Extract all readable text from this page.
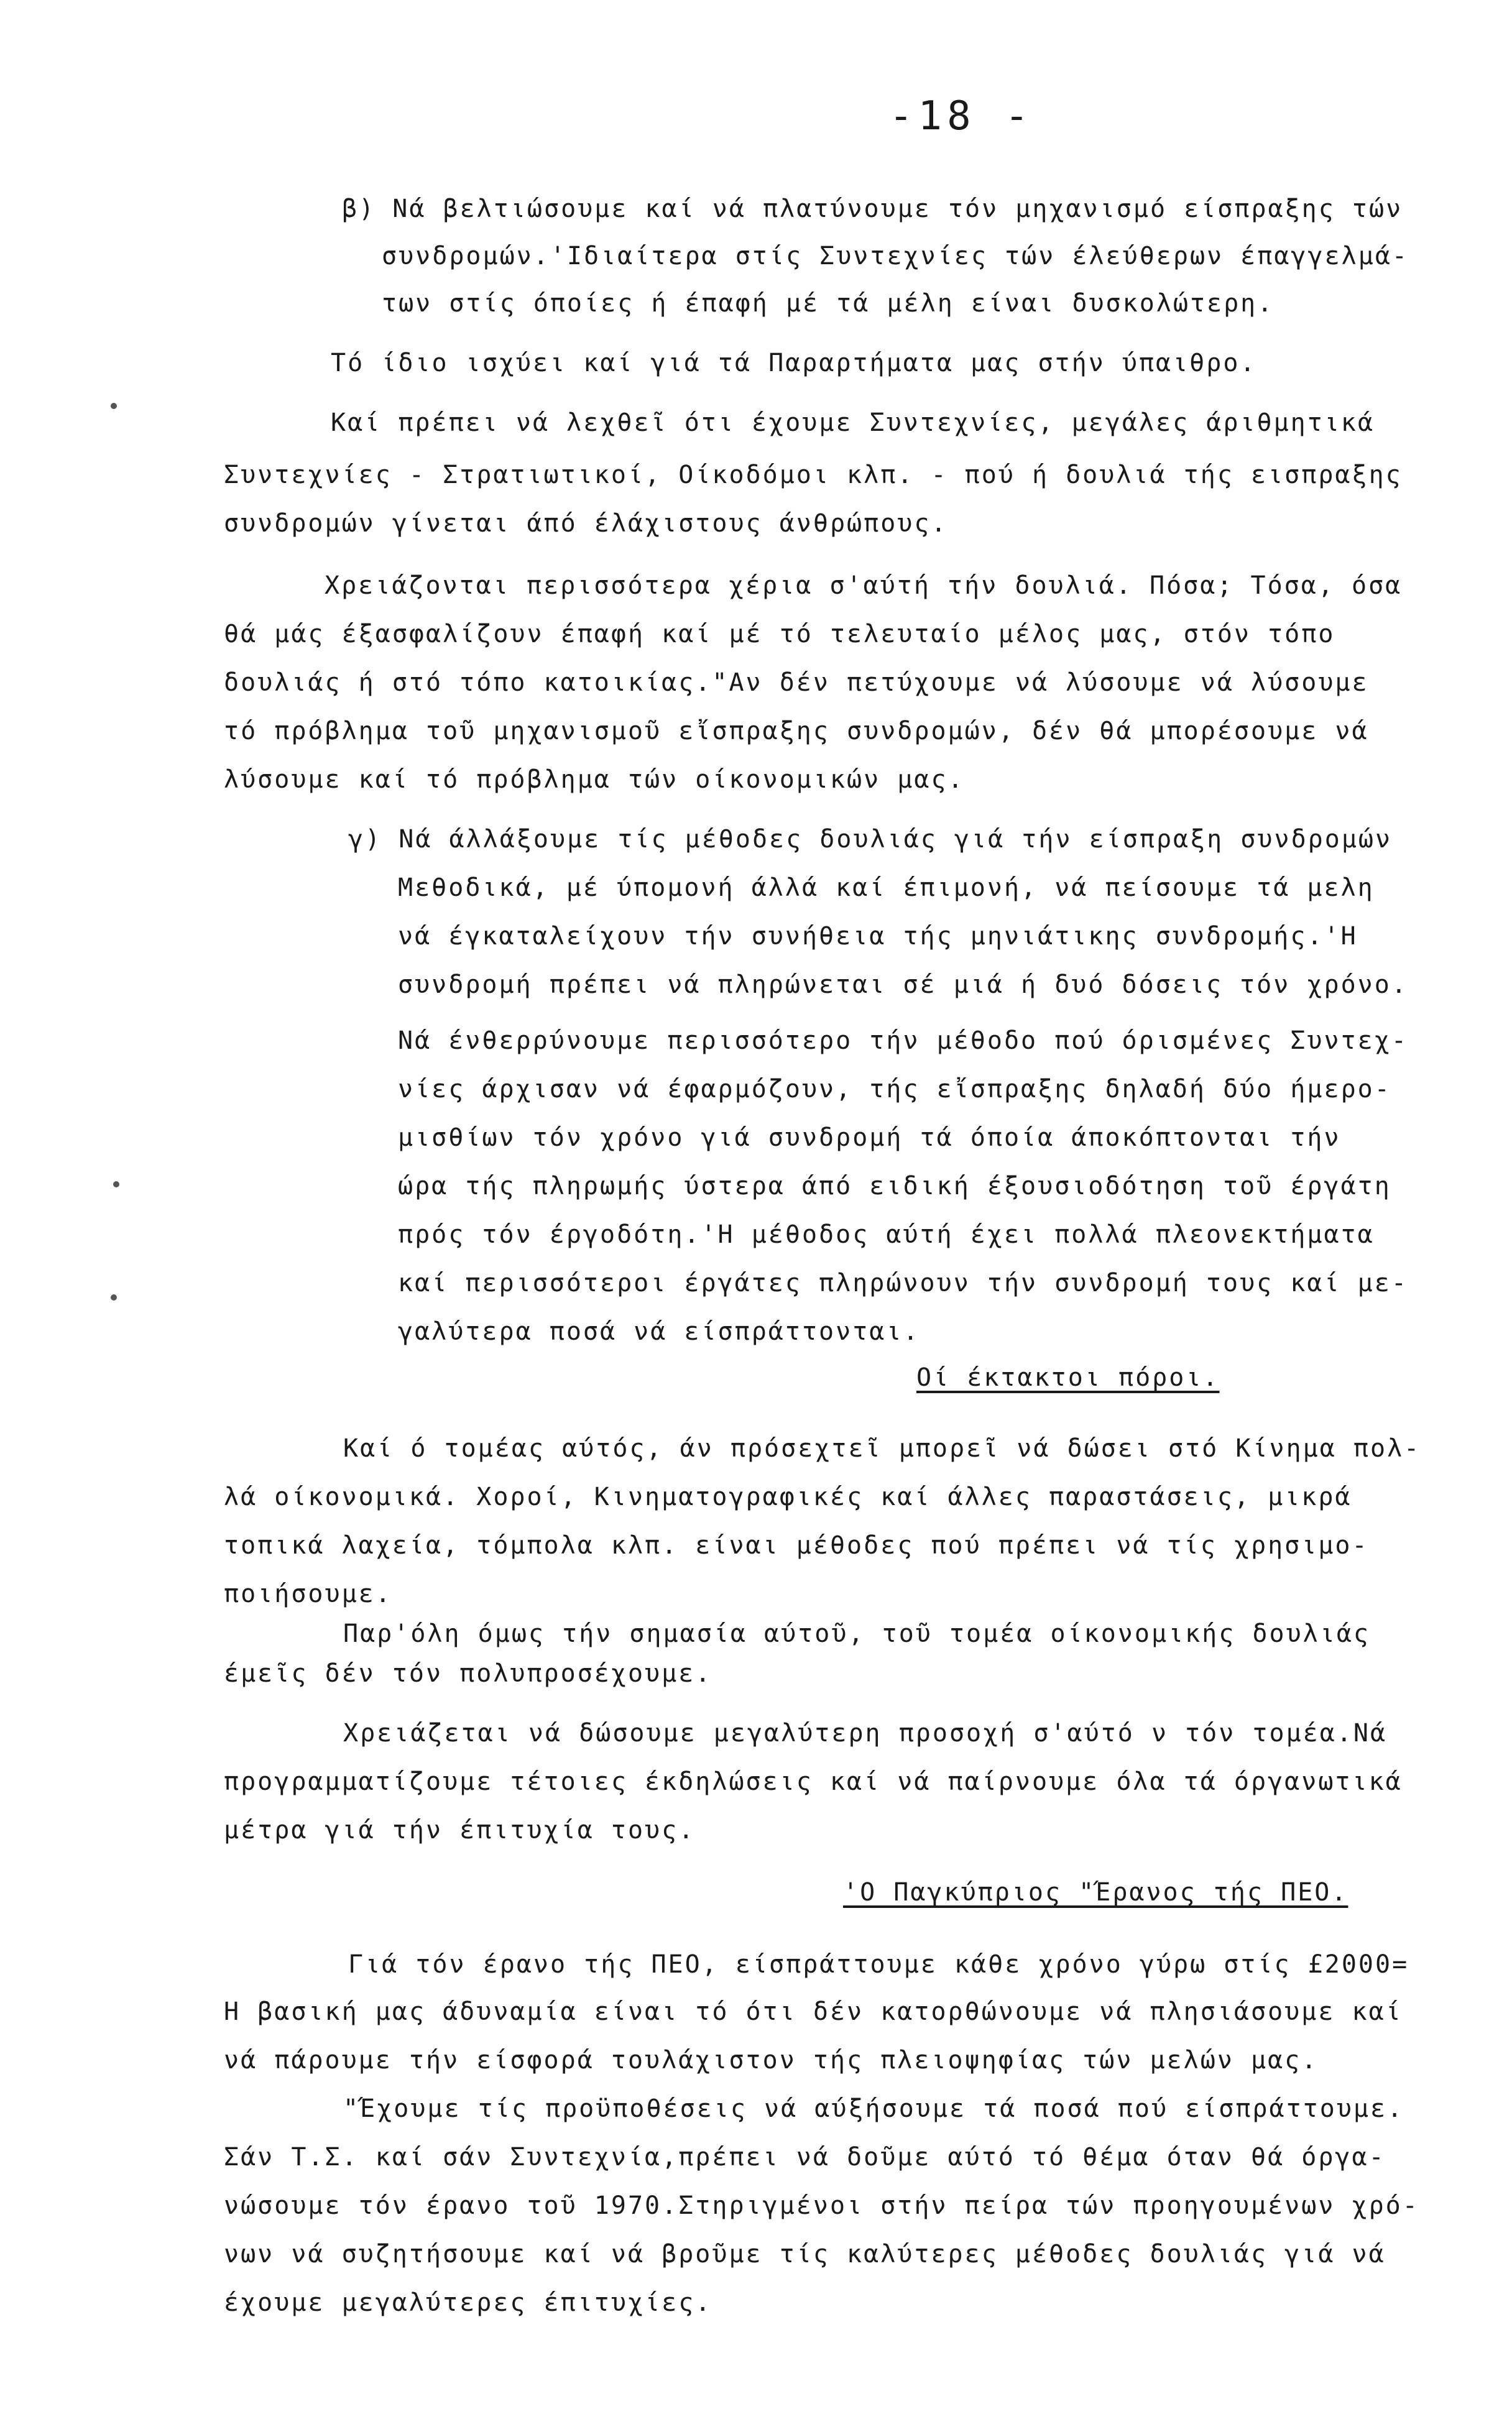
-18 -
β) Νά βελτιώσουμε καί νά πλατύνουμε τόν μηχανισμό είσπραξης τών
συνδρομών.'Ιδιαίτερα στίς Συντεχνίες τών έλεύθερων έπαγγελμά-
των στίς όποίες ή έπαφή μέ τά μέλη είναι δυσκολώτερη.
Τό ίδιο ισχύει καί γιά τά Παραρτήματα μας στήν ύπαιθρο.
Καί πρέπει νά λεχθεῖ ότι έχουμε Συντεχνίες, μεγάλες άριθμητικά
Συντεχνίες - Στρατιωτικοί, Οίκοδόμοι κλπ. - πού ή δουλιά τής εισπραξης
συνδρομών γίνεται άπό έλάχιστους άνθρώπους.
Χρειάζονται περισσότερα χέρια σ'αύτή τήν δουλιά. Πόσα; Τόσα, όσα
θά μάς έξασφαλίζουν έπαφή καί μέ τό τελευταίο μέλος μας, στόν τόπο
δουλιάς ή στό τόπο κατοικίας."Αν δέν πετύχουμε νά λύσουμε νά λύσουμε
τό πρόβλημα τοῦ μηχανισμοῦ εἴσπραξης συνδρομών, δέν θά μπορέσουμε νά
λύσουμε καί τό πρόβλημα τών οίκονομικών μας.
γ) Νά άλλάξουμε τίς μέθοδες δουλιάς γιά τήν είσπραξη συνδρομών
Μεθοδικά, μέ ύπομονή άλλά καί έπιμονή, νά πείσουμε τά μελη
νά έγκαταλείχουν τήν συνήθεια τής μηνιάτικης συνδρομής.'Η
συνδρομή πρέπει νά πληρώνεται σέ μιά ή δυό δόσεις τόν χρόνο.
Νά ένθερρύνουμε περισσότερο τήν μέθοδο πού όρισμένες Συντεχ-
νίες άρχισαν νά έφαρμόζουν, τής εἴσπραξης δηλαδή δύο ήμερο-
μισθίων τόν χρόνο γιά συνδρομή τά όποία άποκόπτονται τήν
ώρα τής πληρωμής ύστερα άπό ειδική έξουσιοδότηση τοῦ έργάτη
πρός τόν έργοδότη.'Η μέθοδος αύτή έχει πολλά πλεονεκτήματα
καί περισσότεροι έργάτες πληρώνουν τήν συνδρομή τους καί με-
γαλύτερα ποσά νά είσπράττονται.
Οί έκτακτοι πόροι.
Καί ό τομέας αύτός, άν πρόσεχτεῖ μπορεῖ νά δώσει στό Κίνημα πολ-
λά οίκονομικά. Χοροί, Κινηματογραφικές καί άλλες παραστάσεις, μικρά
τοπικά λαχεία, τόμπολα κλπ. είναι μέθοδες πού πρέπει νά τίς χρησιμο-
ποιήσουμε.
Παρ'όλη όμως τήν σημασία αύτοῦ, τοῦ τομέα οίκονομικής δουλιάς
έμεῖς δέν τόν πολυπροσέχουμε.
Χρειάζεται νά δώσουμε μεγαλύτερη προσοχή σ'αύτό ν τόν τομέα.Νά
προγραμματίζουμε τέτοιες έκδηλώσεις καί νά παίρνουμε όλα τά όργανωτικά
μέτρα γιά τήν έπιτυχία τους.
'Ο Παγκύπριος "Έρανος τής ΠΕΟ.
Γιά τόν έρανο τής ΠΕΟ, είσπράττουμε κάθε χρόνο γύρω στίς £2000=
Η βασική μας άδυναμία είναι τό ότι δέν κατορθώνουμε νά πλησιάσουμε καί
νά πάρουμε τήν είσφορά τουλάχιστον τής πλειοψηφίας τών μελών μας.
"Έχουμε τίς προϋποθέσεις νά αύξήσουμε τά ποσά πού είσπράττουμε.
Σάν Τ.Σ. καί σάν Συντεχνία,πρέπει νά δοῦμε αύτό τό θέμα όταν θά όργα-
νώσουμε τόν έρανο τοῦ 1970.Στηριγμένοι στήν πείρα τών προηγουμένων χρό-
νων νά συζητήσουμε καί νά βροῦμε τίς καλύτερες μέθοδες δουλιάς γιά νά
έχουμε μεγαλύτερες έπιτυχίες.
